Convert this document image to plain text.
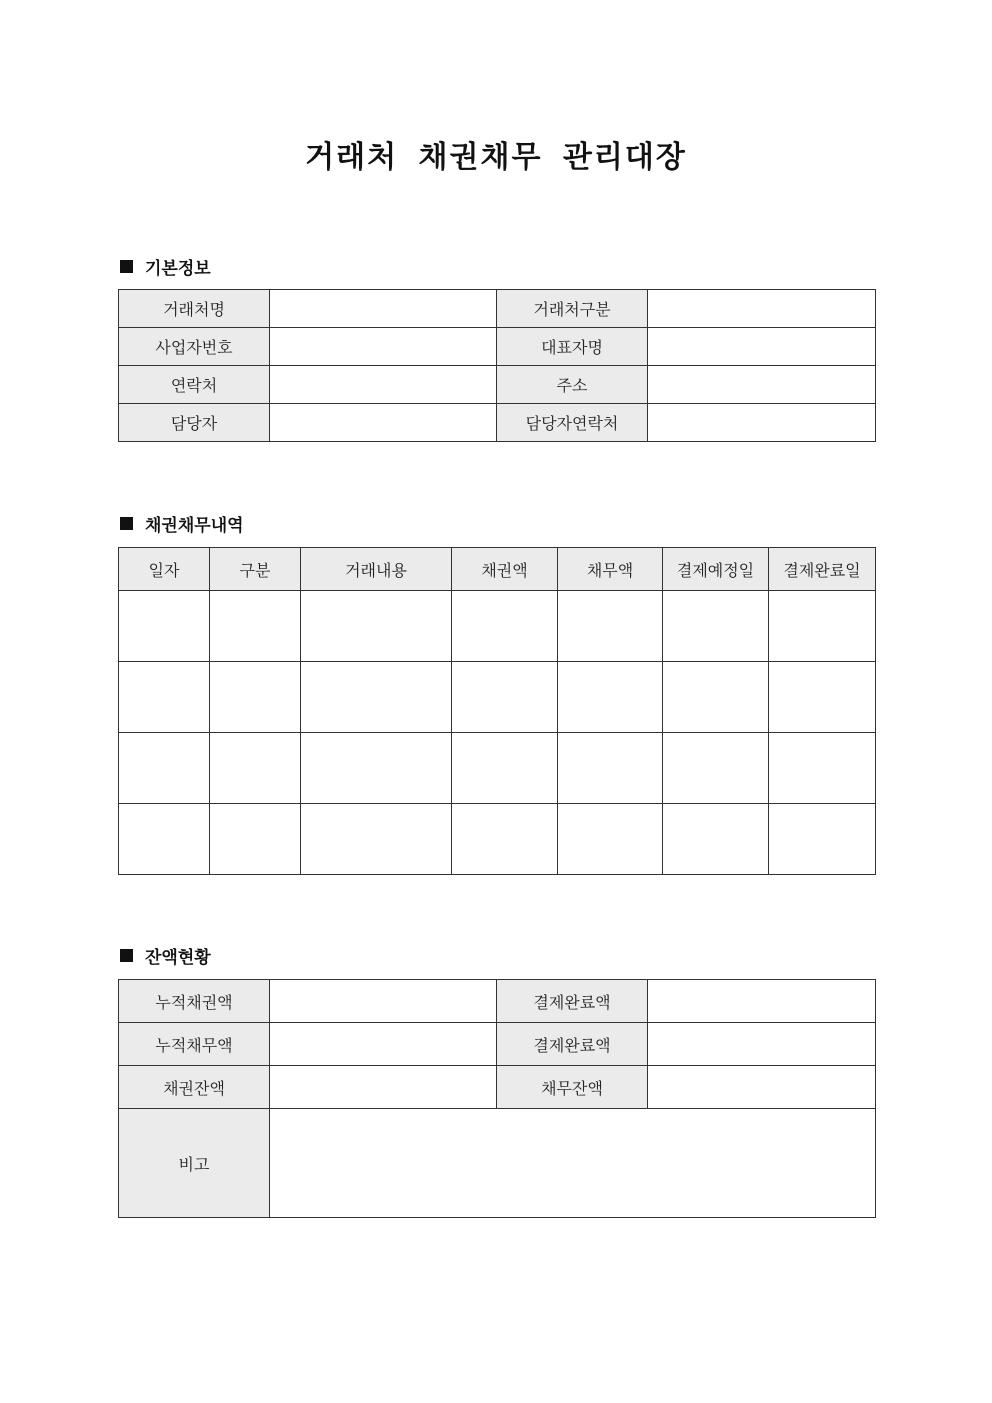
거래처 채권채무 관리대장
기본정보
거래처명		거래처구분	
사업자번호		대표자명	
연락처		주소	
담당자		담당자연락처	
채권채무내역
일자	구분	거래내용	채권액	채무액	결제예정일	결제완료일

잔액현황
누적채권액		결제완료액	
누적채무액		결제완료액	
채권잔액		채무잔액	
비고			
